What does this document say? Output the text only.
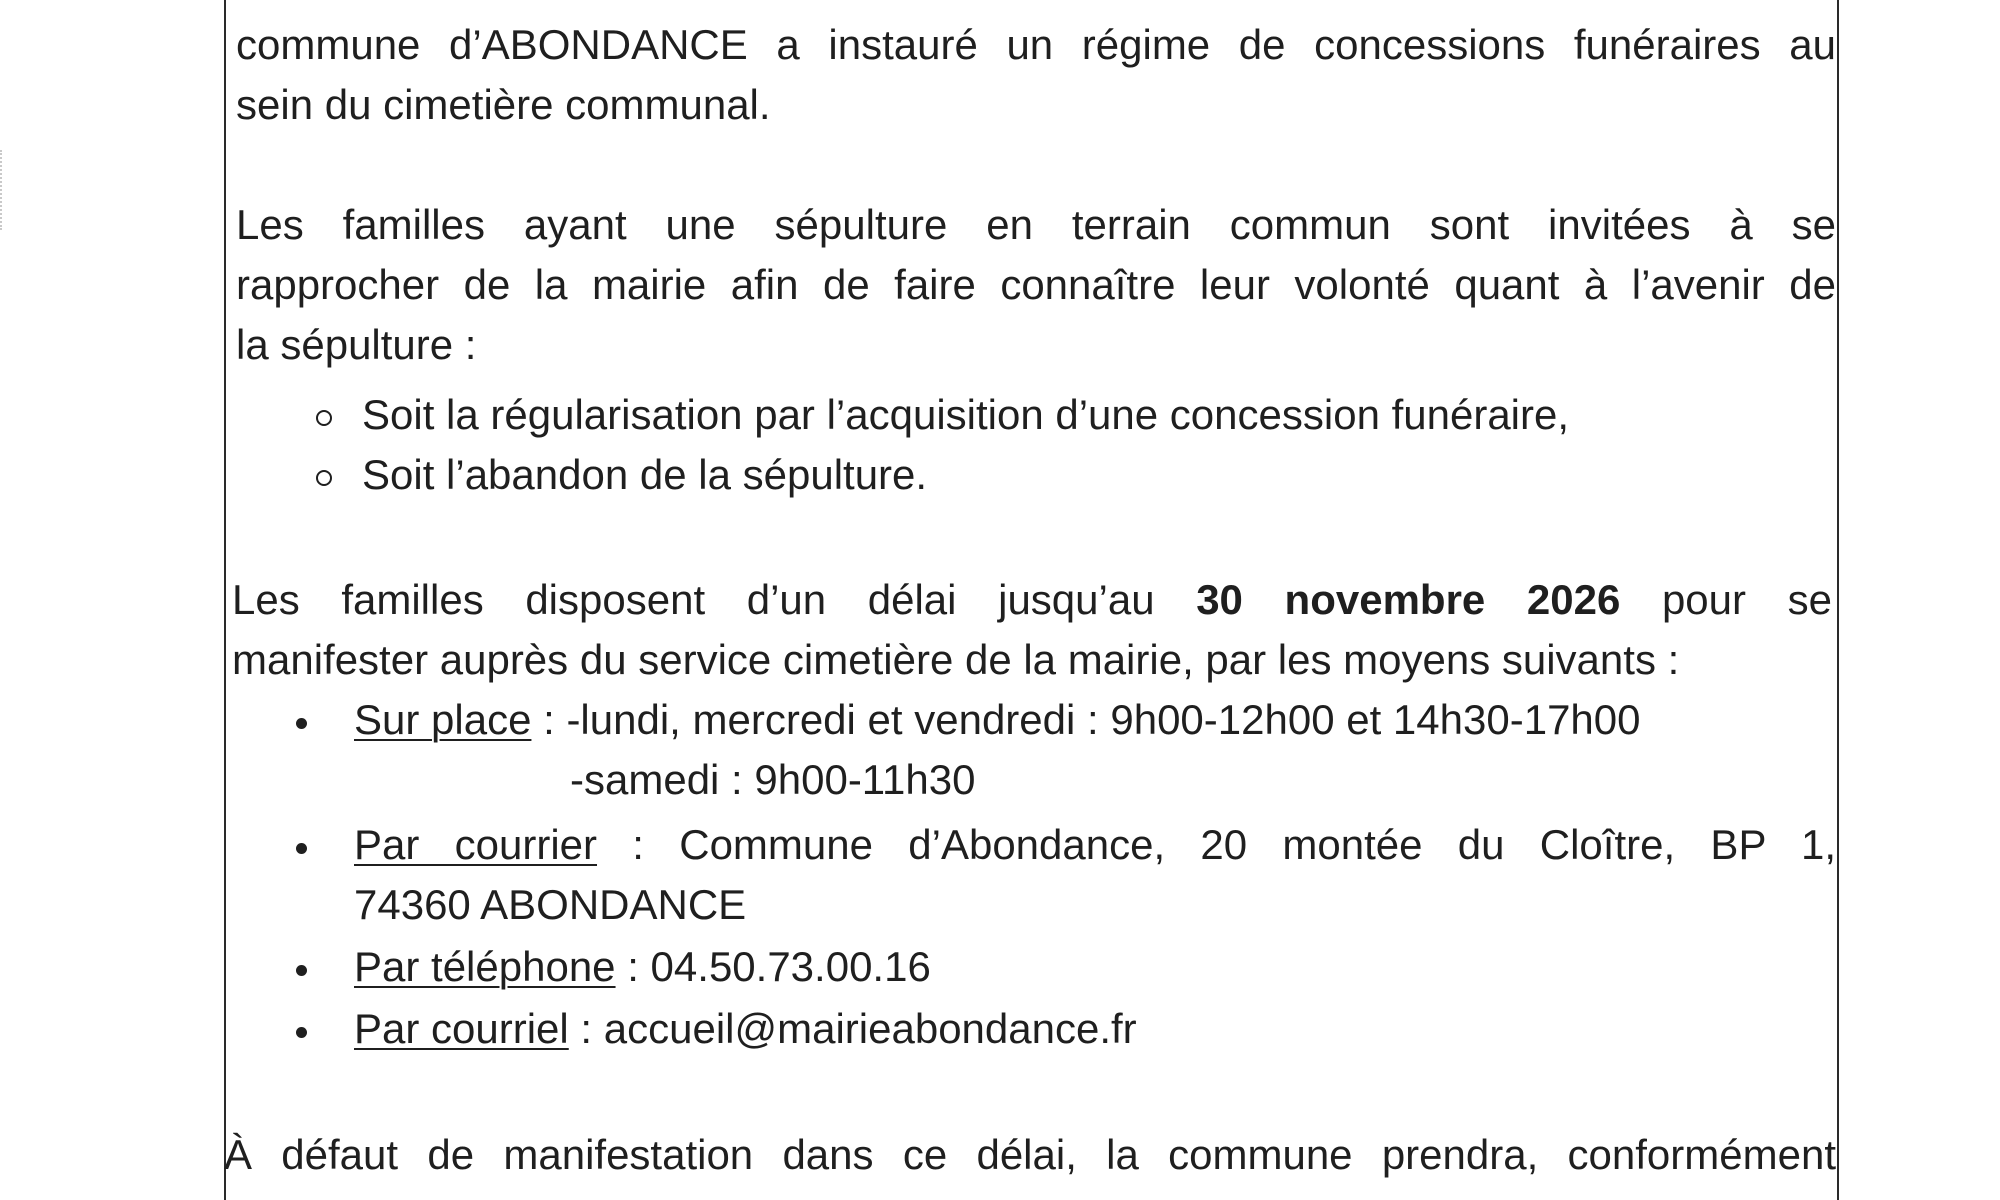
commune d’ABONDANCE a instauré un régime de concessions funéraires au
sein du cimetière communal.
Les familles ayant une sépulture en terrain commun sont invitées à se
rapprocher de la mairie afin de faire connaître leur volonté quant à l’avenir de
la sépulture :
Soit la régularisation par l’acquisition d’une concession funéraire,
Soit l’abandon de la sépulture.
Les familles disposent d’un délai jusqu’au 30 novembre 2026 pour se
manifester auprès du service cimetière de la mairie, par les moyens suivants :
Sur place : -lundi, mercredi et vendredi : 9h00-12h00 et 14h30-17h00
-samedi : 9h00-11h30
Par courrier : Commune d’Abondance, 20 montée du Cloître, BP 1,
74360 ABONDANCE
Par téléphone : 04.50.73.00.16
Par courriel : accueil@mairieabondance.fr
À défaut de manifestation dans ce délai, la commune prendra, conformément
